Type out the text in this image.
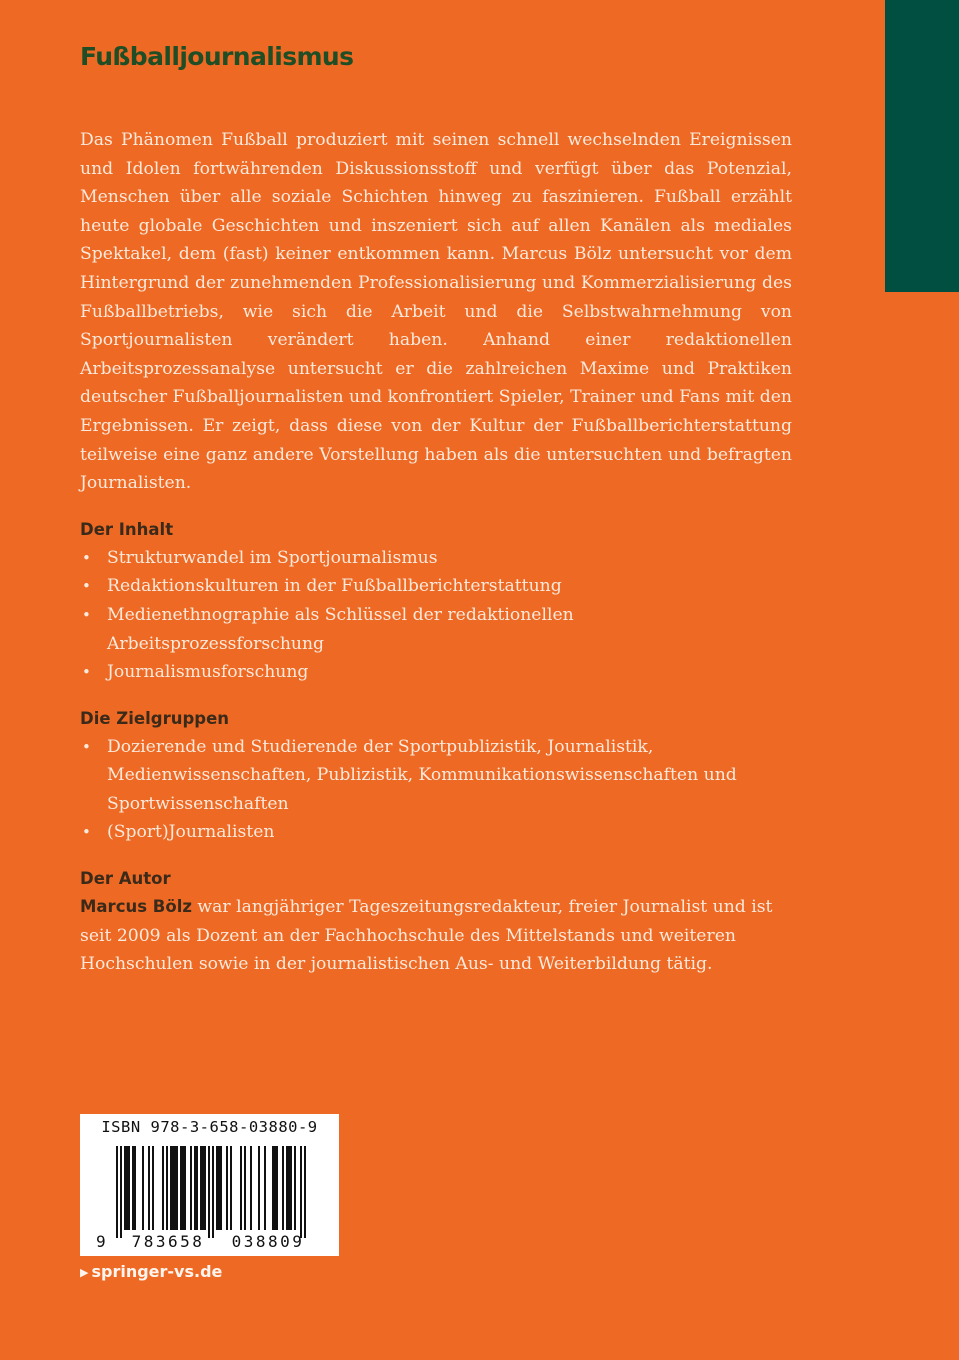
Fußballjournalismus

Das Phänomen Fußball produziert mit seinen schnell wechselnden Ereignissen und Idolen fortwährenden Diskussionsstoff und verfügt über das Potenzial, Menschen über alle soziale Schichten hinweg zu faszinieren. Fußball erzählt heute globale Geschichten und inszeniert sich auf allen Kanälen als mediales Spektakel, dem (fast) keiner entkommen kann. Marcus Bölz untersucht vor dem Hintergrund der zunehmenden Professionalisierung und Kommerzialisierung des Fußballbetriebs, wie sich die Arbeit und die Selbstwahrnehmung von Sportjournalisten verändert haben. Anhand einer redaktionellen Arbeitsprozessanalyse untersucht er die zahlreichen Maxime und Praktiken deutscher Fußballjournalisten und konfrontiert Spieler, Trainer und Fans mit den Ergebnissen. Er zeigt, dass diese von der Kultur der Fußballberichterstattung teilweise eine ganz andere Vorstellung haben als die untersuchten und befragten Journalisten.

Der Inhalt
• Strukturwandel im Sportjournalismus
• Redaktionskulturen in der Fußballberichterstattung
• Medienethnographie als Schlüssel der redaktionellen Arbeitsprozessforschung
• Journalismusforschung
Die Zielgruppen
• Dozierende und Studierende der Sportpublizistik, Journalistik, Medienwissenschaften, Publizistik, Kommunikationswissenschaften und Sportwissenschaften
• (Sport)Journalisten
Der Autor

Marcus Bölz war langjähriger Tageszeitungsredakteur, freier Journalist und ist seit 2009 als Dozent an der Fachhochschule des Mittelstands und weiteren Hochschulen sowie in der journalistischen Aus- und Weiterbildung tätig.

ISBN 978-3-658-03880-9
9	783658	038809
▶ springer-vs.de
